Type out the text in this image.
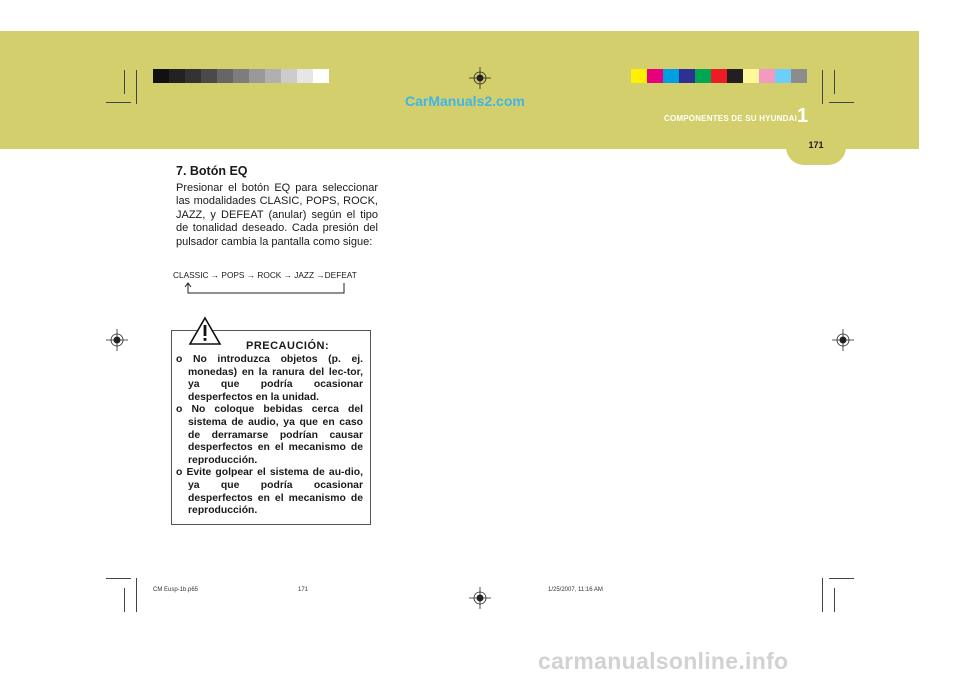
171
COMPONENTES DE SU HYUNDAI 1
CarManuals2.com

7. Botón EQ

Presionar el botón EQ para seleccionar las modalidades CLASIC, POPS, ROCK, JAZZ, y DEFEAT (anular) según el tipo de tonalidad deseado. Cada presión del pulsador cambia la pantalla como sigue:

CLASSIC → POPS → ROCK → JAZZ →DEFEAT
PRECAUCIÓN:
o No introduzca objetos (p. ej. monedas) en la ranura del lec-tor, ya que podría ocasionar desperfectos en la unidad.
o No coloque bebidas cerca del sistema de audio, ya que en caso de derramarse podrían causar desperfectos en el mecanismo de reproducción.
o Evite golpear el sistema de au-dio, ya que podría ocasionar desperfectos en el mecanismo de reproducción.
CM Eusp-1b.p65	171	1/25/2007, 11:16 AM
carmanualsonline.info
